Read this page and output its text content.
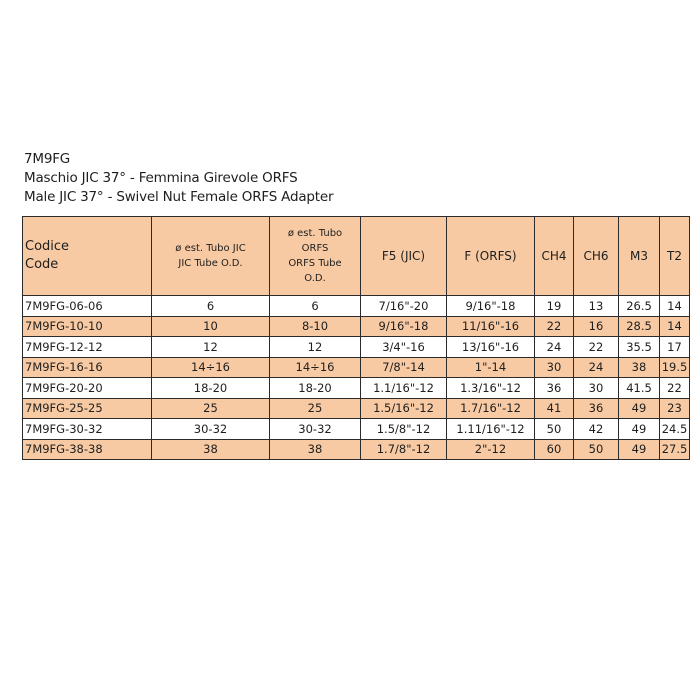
7M9FG
Maschio JIC 37° - Femmina Girevole ORFS
Male JIC 37° - Swivel Nut Female ORFS Adapter
Codice
Code	ø est. Tubo JIC
JIC Tube O.D.	ø est. Tubo
ORFS
ORFS Tube
O.D.	F5 (JIC)	F (ORFS)	CH4	CH6	M3	T2
7M9FG-06-06	6	6	7/16"-20	9/16"-18	19	13	26.5	14
7M9FG-10-10	10	8-10	9/16"-18	11/16"-16	22	16	28.5	14
7M9FG-12-12	12	12	3/4"-16	13/16"-16	24	22	35.5	17
7M9FG-16-16	14÷16	14÷16	7/8"-14	1"-14	30	24	38	19.5
7M9FG-20-20	18-20	18-20	1.1/16"-12	1.3/16"-12	36	30	41.5	22
7M9FG-25-25	25	25	1.5/16"-12	1.7/16"-12	41	36	49	23
7M9FG-30-32	30-32	30-32	1.5/8"-12	1.11/16"-12	50	42	49	24.5
7M9FG-38-38	38	38	1.7/8"-12	2"-12	60	50	49	27.5
